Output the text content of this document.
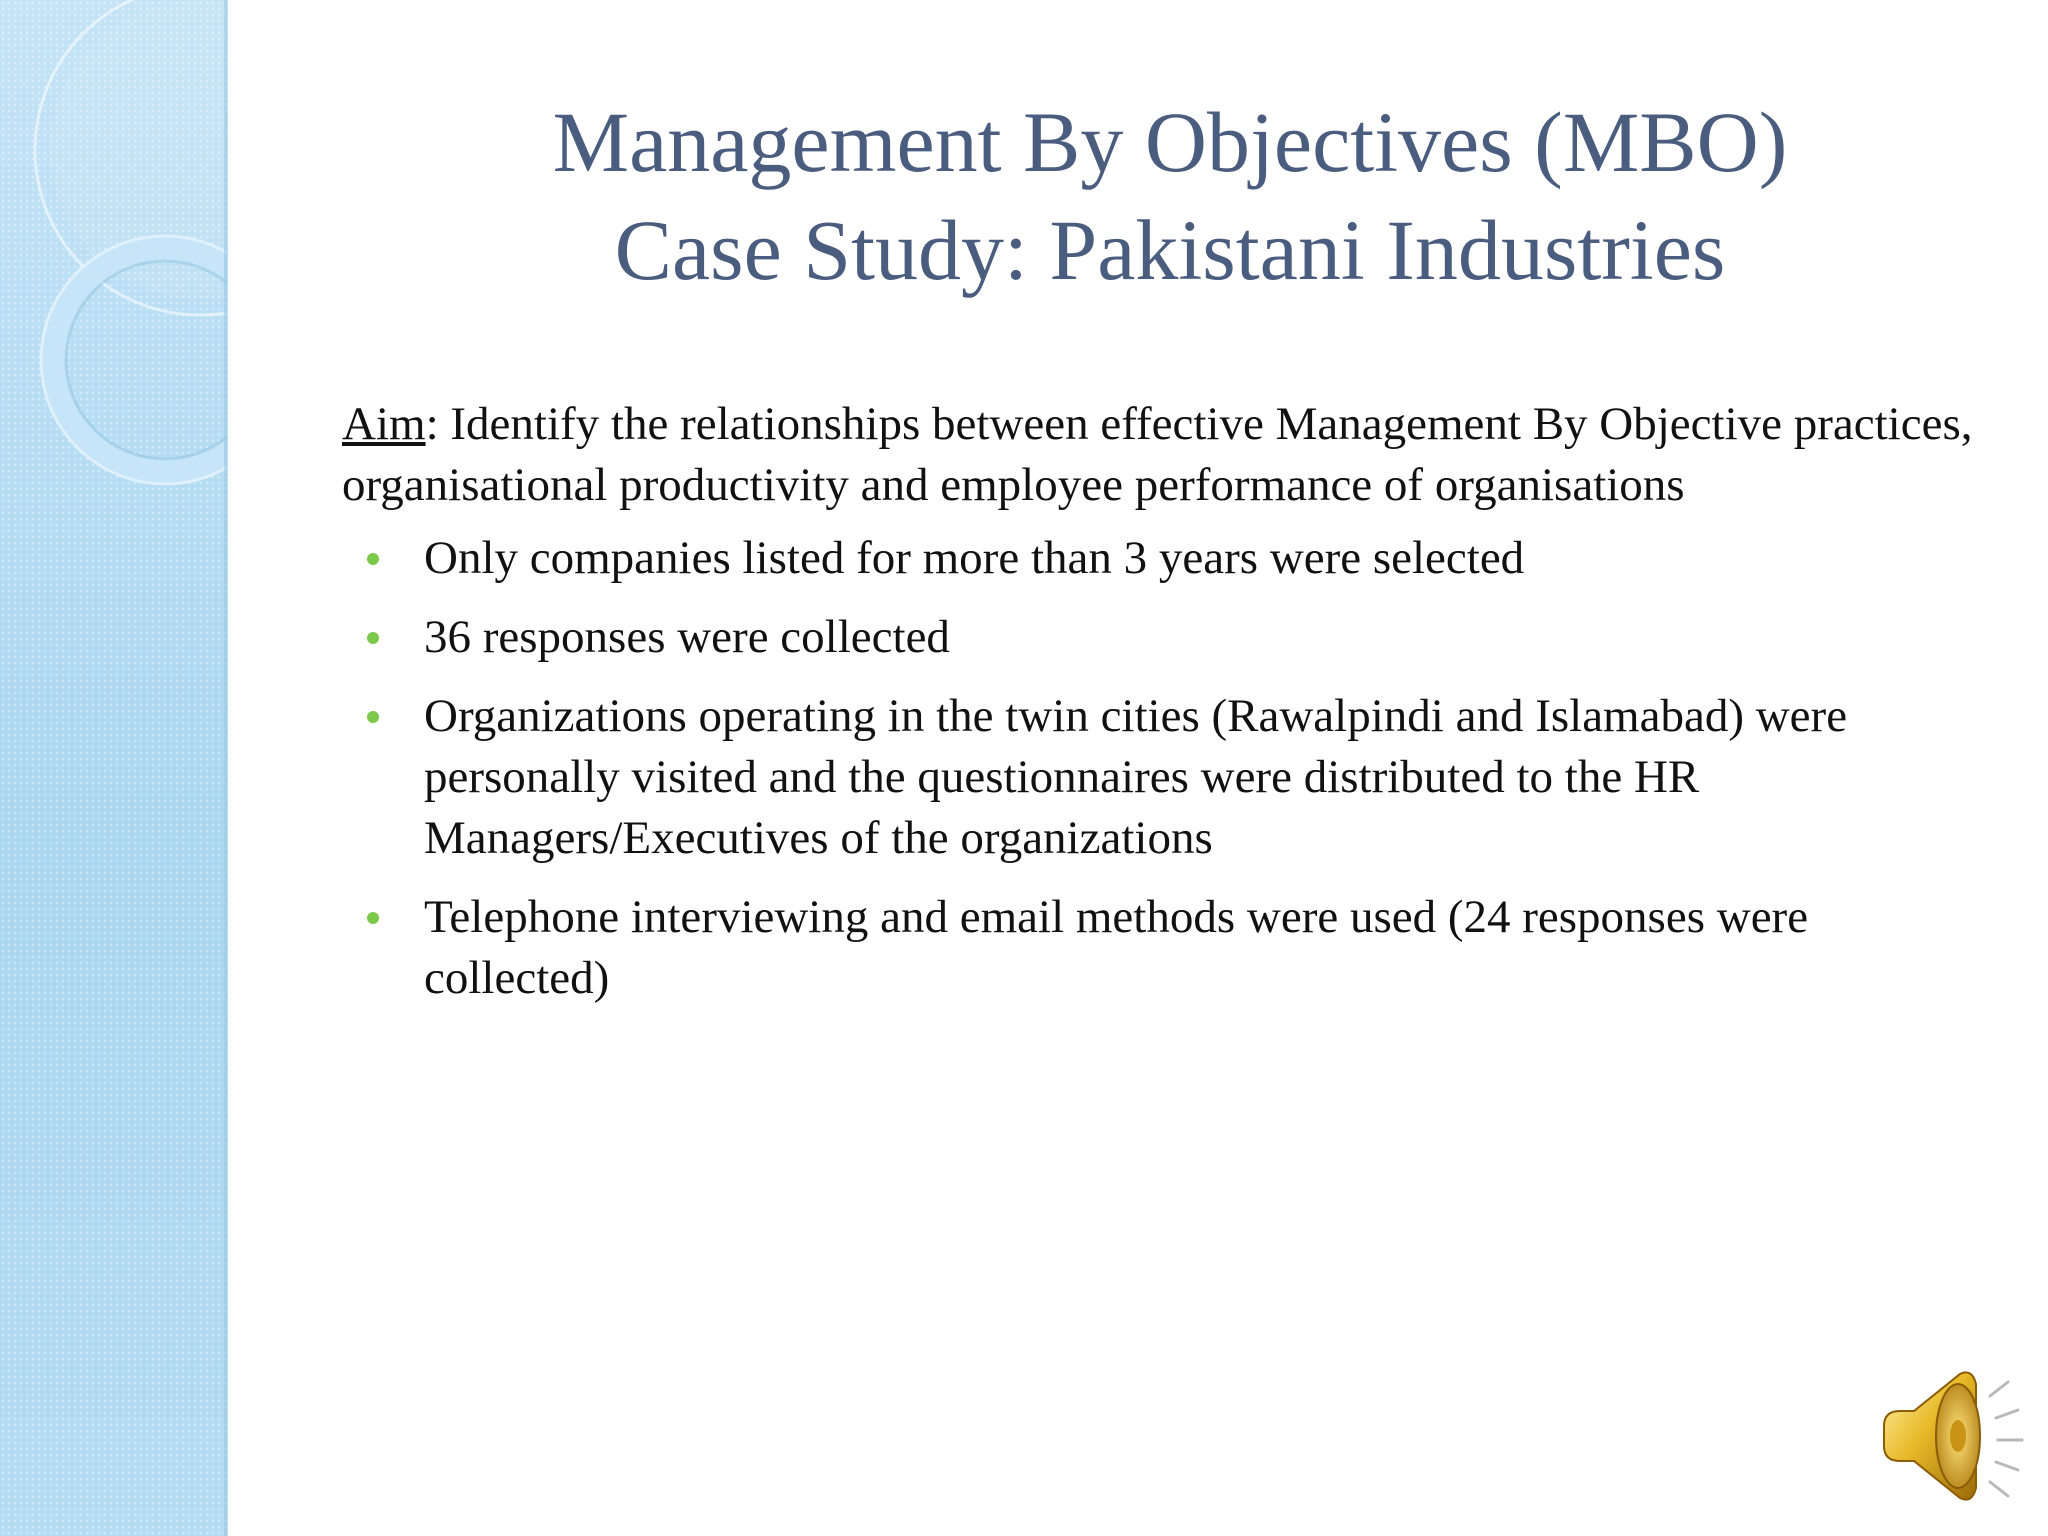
Management By Objectives (MBO)
Case Study: Pakistani Industries

Aim: Identify the relationships between effective Management By Objective practices, organisational productivity and employee performance of organisations

Only companies listed for more than 3 years were selected
36 responses were collected
Organizations operating in the twin cities (Rawalpindi and Islamabad) were personally visited and the questionnaires were distributed to the HR Managers/Executives of the organizations
Telephone interviewing and email methods were used (24 responses were collected)
